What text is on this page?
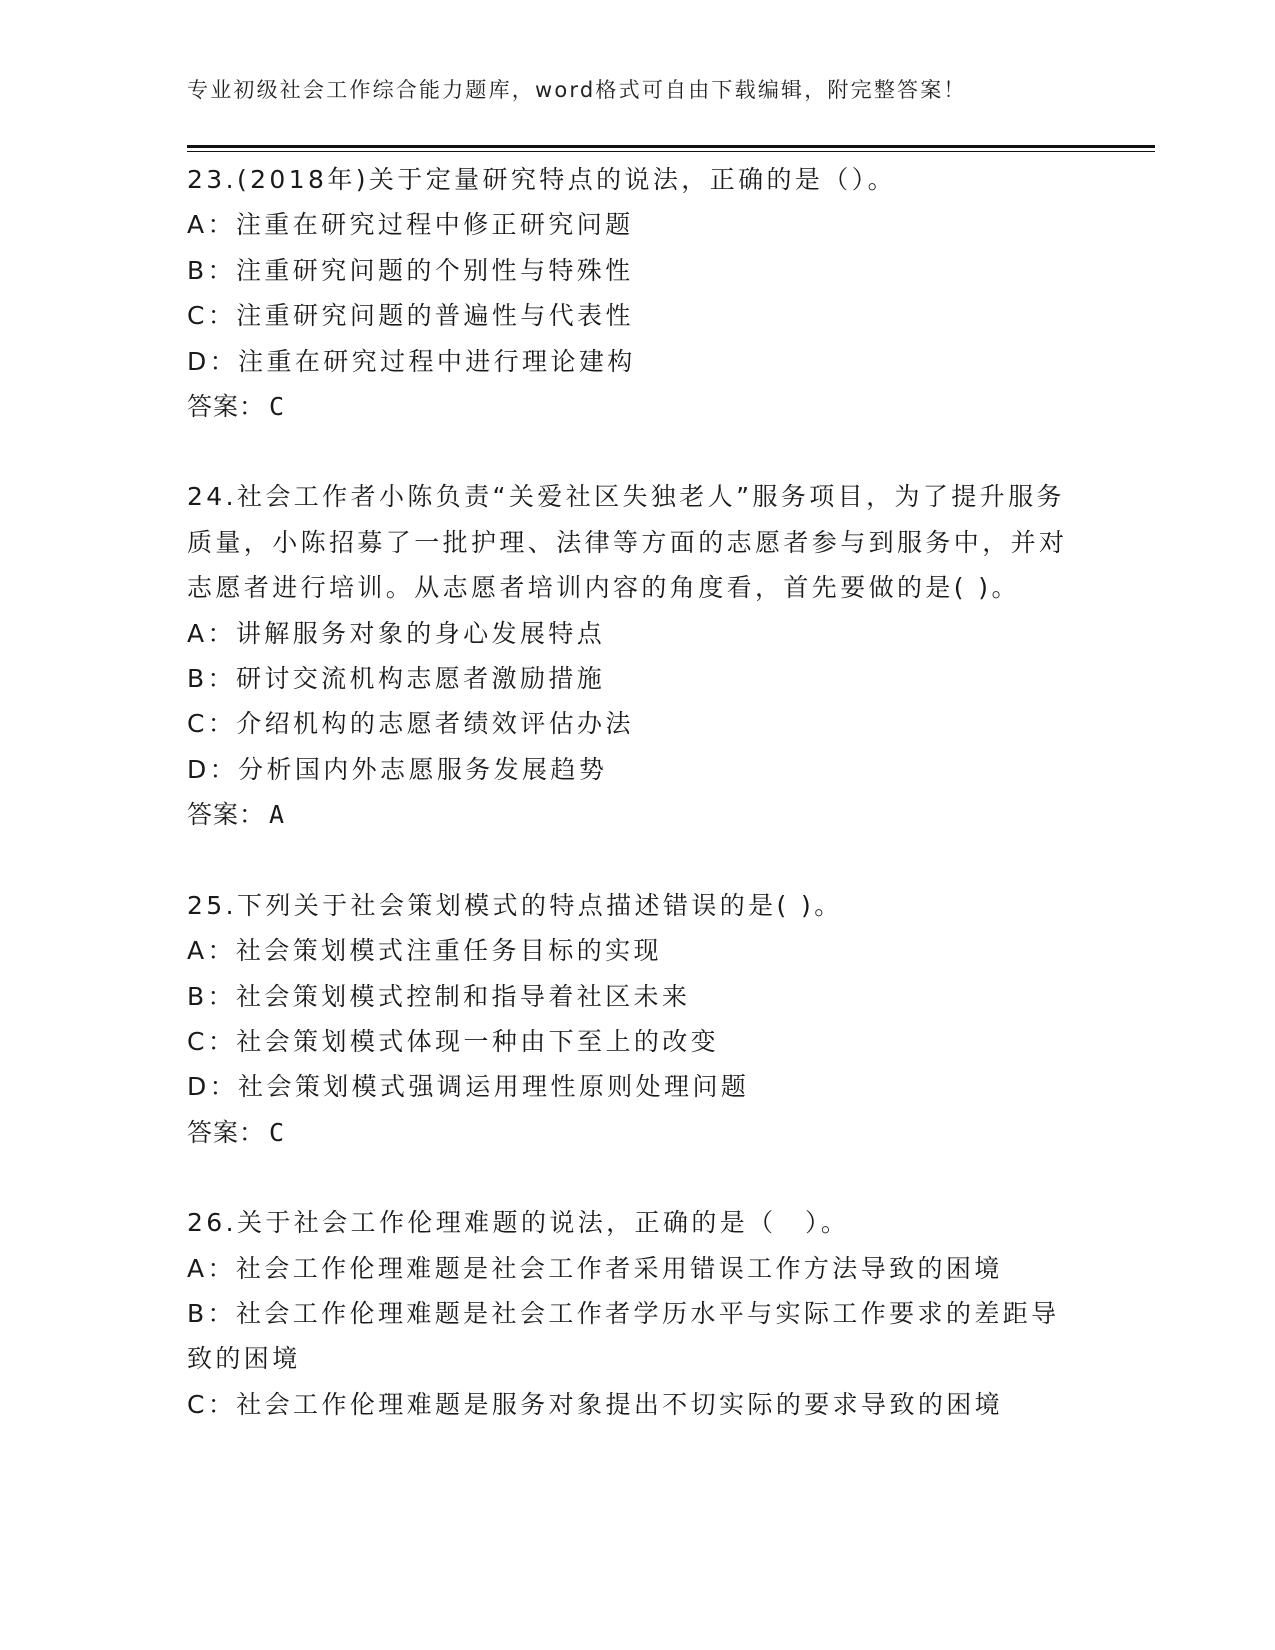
专业初级社会工作综合能力题库，word格式可自由下载编辑，附完整答案！
23.(2018年)关于定量研究特点的说法，正确的是（）。
A：注重在研究过程中修正研究问题
B：注重研究问题的个别性与特殊性
C：注重研究问题的普遍性与代表性
D：注重在研究过程中进行理论建构
答案： C
24.社会工作者小陈负责“关爱社区失独老人”服务项目，为了提升服务质量，小陈招募了一批护理、法律等方面的志愿者参与到服务中，并对志愿者进行培训。从志愿者培训内容的角度看，首先要做的是( )。
A：讲解服务对象的身心发展特点
B：研讨交流机构志愿者激励措施
C：介绍机构的志愿者绩效评估办法
D：分析国内外志愿服务发展趋势
答案： A
25.下列关于社会策划模式的特点描述错误的是( )。
A：社会策划模式注重任务目标的实现
B：社会策划模式控制和指导着社区未来
C：社会策划模式体现一种由下至上的改变
D：社会策划模式强调运用理性原则处理问题
答案： C
26.关于社会工作伦理难题的说法，正确的是（　）。
A：社会工作伦理难题是社会工作者采用错误工作方法导致的困境
B：社会工作伦理难题是社会工作者学历水平与实际工作要求的差距导致的困境
C：社会工作伦理难题是服务对象提出不切实际的要求导致的困境
